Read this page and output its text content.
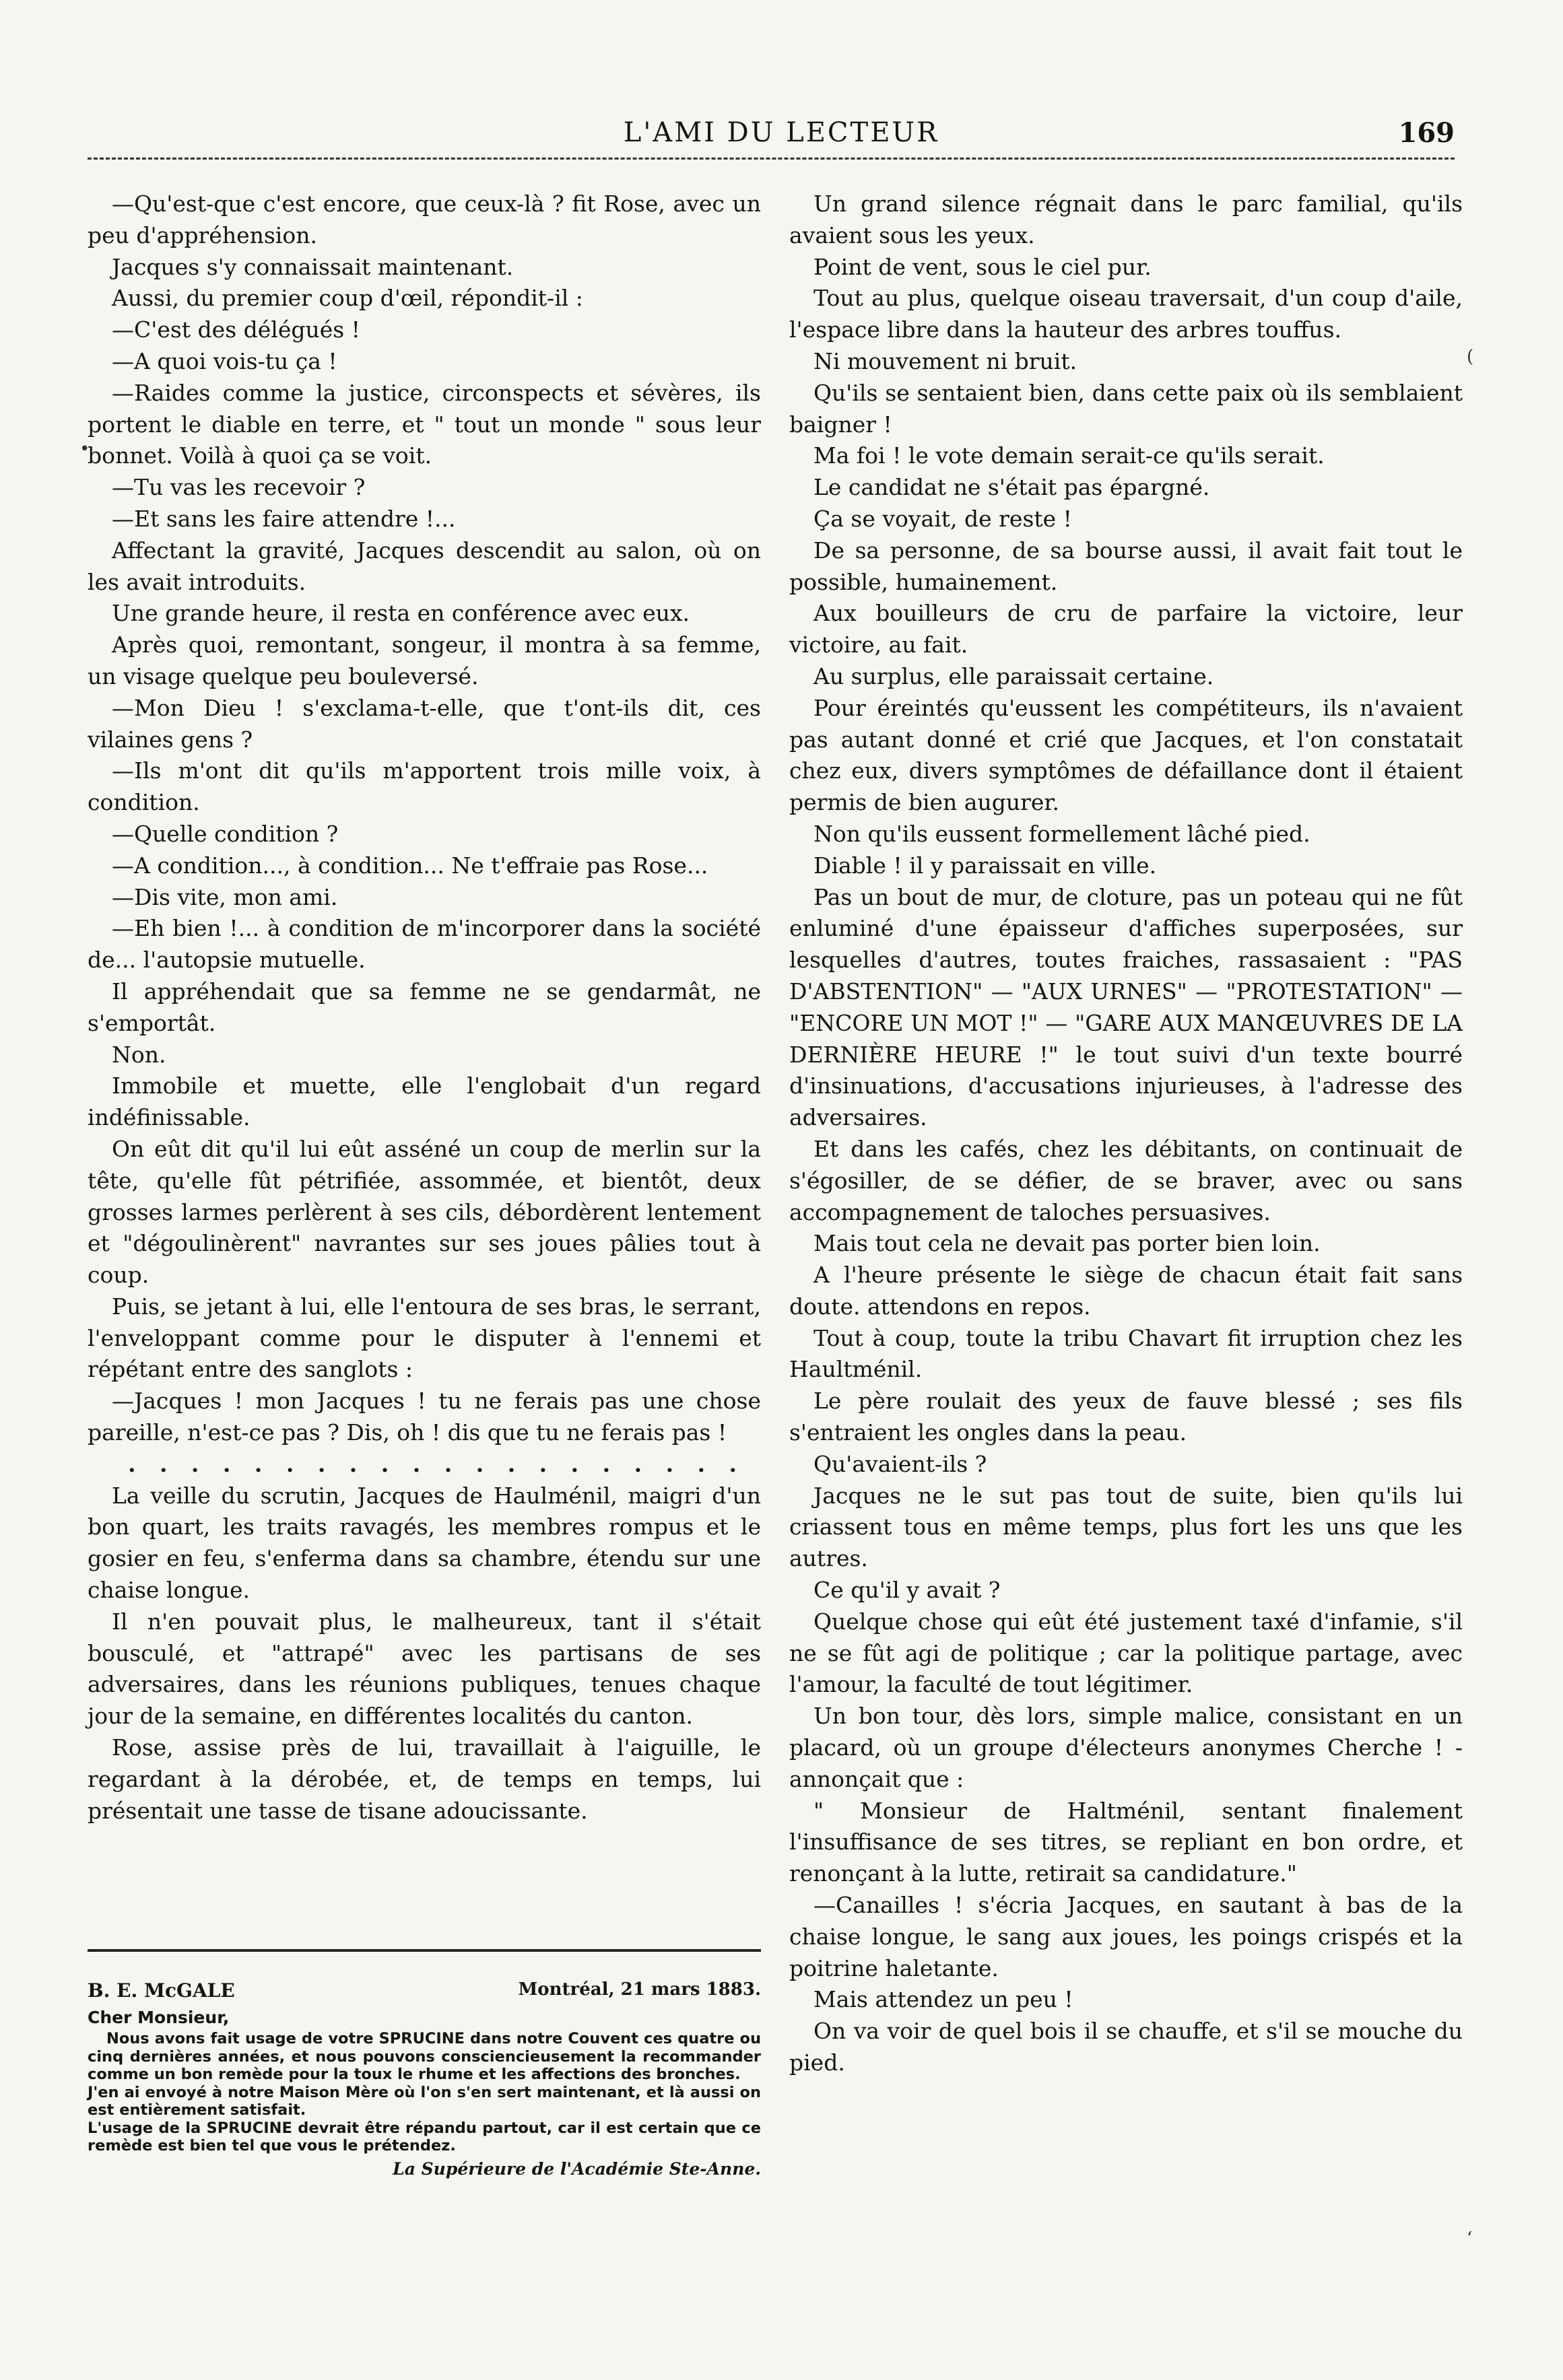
L'AMI DU LECTEUR	169

—Qu'est-que c'est encore, que ceux-là ? fit Rose, avec un peu d'appréhension.

Jacques s'y connaissait maintenant.

Aussi, du premier coup d'œil, répondit-il :

—C'est des délégués !

—A quoi vois-tu ça !

—Raides comme la justice, circonspects et sévères, ils portent le diable en terre, et " tout un monde " sous leur bonnet. Voilà à quoi ça se voit.

—Tu vas les recevoir ?

—Et sans les faire attendre !...

Affectant la gravité, Jacques descendit au salon, où on les avait introduits.

Une grande heure, il resta en conférence avec eux.

Après quoi, remontant, songeur, il montra à sa femme, un visage quelque peu bouleversé.

—Mon Dieu ! s'exclama-t-elle, que t'ont-ils dit, ces vilaines gens ?

—Ils m'ont dit qu'ils m'apportent trois mille voix, à condition.

—Quelle condition ?

—A condition..., à condition... Ne t'effraie pas Rose...

—Dis vite, mon ami.

—Eh bien !... à condition de m'incorporer dans la société de... l'autopsie mutuelle.

Il appréhendait que sa femme ne se gendarmât, ne s'emportât.

Non.

Immobile et muette, elle l'englobait d'un regard indéfinissable.

On eût dit qu'il lui eût asséné un coup de merlin sur la tête, qu'elle fût pétrifiée, assommée, et bientôt, deux grosses larmes perlèrent à ses cils, débordèrent lentement et "dégoulinèrent" navrantes sur ses joues pâlies tout à coup.

Puis, se jetant à lui, elle l'entoura de ses bras, le serrant, l'enveloppant comme pour le disputer à l'ennemi et répétant entre des sanglots :

—Jacques ! mon Jacques ! tu ne ferais pas une chose pareille, n'est-ce pas ? Dis, oh ! dis que tu ne ferais pas !

. . . . . . . . . . . . . . . . . . . .

La veille du scrutin, Jacques de Haulménil, maigri d'un bon quart, les traits ravagés, les membres rompus et le gosier en feu, s'enferma dans sa chambre, étendu sur une chaise longue.

Il n'en pouvait plus, le malheureux, tant il s'était bousculé, et "attrapé" avec les partisans de ses adversaires, dans les réunions publiques, tenues chaque jour de la semaine, en différentes localités du canton.

Rose, assise près de lui, travaillait à l'aiguille, le regardant à la dérobée, et, de temps en temps, lui présentait une tasse de tisane adoucissante.

Un grand silence régnait dans le parc familial, qu'ils avaient sous les yeux.

Point de vent, sous le ciel pur.

Tout au plus, quelque oiseau traversait, d'un coup d'aile, l'espace libre dans la hauteur des arbres touffus.

Ni mouvement ni bruit.

Qu'ils se sentaient bien, dans cette paix où ils semblaient baigner !

Ma foi ! le vote demain serait-ce qu'ils serait.

Le candidat ne s'était pas épargné.

Ça se voyait, de reste !

De sa personne, de sa bourse aussi, il avait fait tout le possible, humainement.

Aux bouilleurs de cru de parfaire la victoire, leur victoire, au fait.

Au surplus, elle paraissait certaine.

Pour éreintés qu'eussent les compétiteurs, ils n'avaient pas autant donné et crié que Jacques, et l'on constatait chez eux, divers symptômes de défaillance dont il étaient permis de bien augurer.

Non qu'ils eussent formellement lâché pied.

Diable ! il y paraissait en ville.

Pas un bout de mur, de cloture, pas un poteau qui ne fût enluminé d'une épaisseur d'affiches superposées, sur lesquelles d'autres, toutes fraiches, rassasaient : "PAS D'ABSTENTION" — "AUX URNES" — "PROTESTATION" — "ENCORE UN MOT !" — "GARE AUX MANŒUVRES DE LA DERNIÈRE HEURE !" le tout suivi d'un texte bourré d'insinuations, d'accusations injurieuses, à l'adresse des adversaires.

Et dans les cafés, chez les débitants, on continuait de s'égosiller, de se défier, de se braver, avec ou sans accompagnement de taloches persuasives.

Mais tout cela ne devait pas porter bien loin.

A l'heure présente le siège de chacun était fait sans doute. attendons en repos.

Tout à coup, toute la tribu Chavart fit irruption chez les Haultménil.

Le père roulait des yeux de fauve blessé ; ses fils s'entraient les ongles dans la peau.

Qu'avaient-ils ?

Jacques ne le sut pas tout de suite, bien qu'ils lui criassent tous en même temps, plus fort les uns que les autres.

Ce qu'il y avait ?

Quelque chose qui eût été justement taxé d'infamie, s'il ne se fût agi de politique ; car la politique partage, avec l'amour, la faculté de tout légitimer.

Un bon tour, dès lors, simple malice, consistant en un placard, où un groupe d'électeurs anonymes Cherche ! - annonçait que :

" Monsieur de Haltménil, sentant finalement l'insuffisance de ses titres, se repliant en bon ordre, et renonçant à la lutte, retirait sa candidature."

—Canailles ! s'écria Jacques, en sautant à bas de la chaise longue, le sang aux joues, les poings crispés et la poitrine haletante.

Mais attendez un peu !

On va voir de quel bois il se chauffe, et s'il se mouche du pied.

B. E. McGALE	Montréal, 21 mars 1883.
Cher Monsieur,

Nous avons fait usage de votre SPRUCINE dans notre Couvent ces quatre ou cinq dernières années, et nous pouvons consciencieusement la recommander comme un bon remède pour la toux le rhume et les affections des bronches.

J'en ai envoyé à notre Maison Mère où l'on s'en sert maintenant, et là aussi on est entièrement satisfait.

L'usage de la SPRUCINE devrait être répandu partout, car il est certain que ce remède est bien tel que vous le prétendez.

La Supérieure de l'Académie Ste-Anne.
•
(
‘
